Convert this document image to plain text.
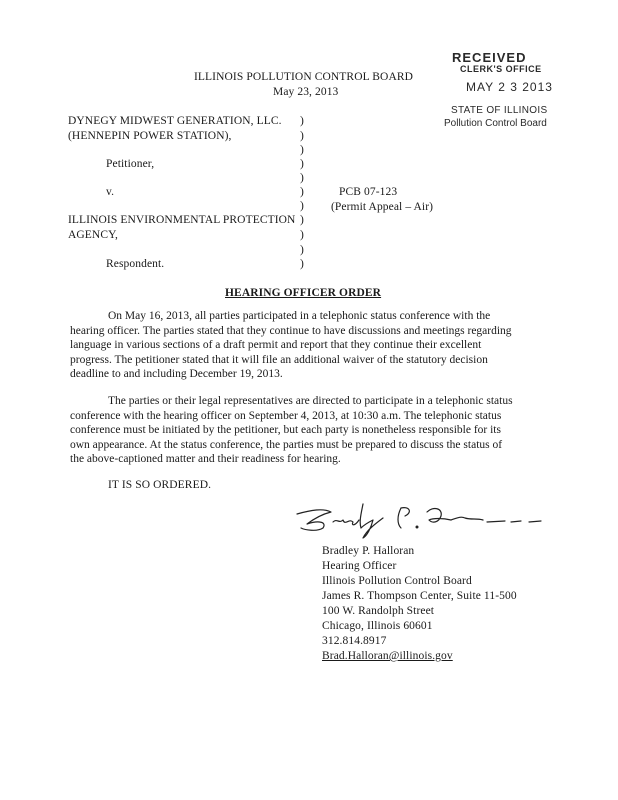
RECEIVED
CLERK'S OFFICE
MAY 2 3 2013
STATE OF ILLINOIS
Pollution Control Board
ILLINOIS POLLUTION CONTROL BOARD
May 23, 2013
DYNEGY MIDWEST GENERATION, LLC.
(HENNEPIN POWER STATION),
Petitioner,
v.
ILLINOIS ENVIRONMENTAL PROTECTION
AGENCY,
Respondent.
)
)
)
)
)
)
)
)
)
)
)
PCB 07-123
(Permit Appeal – Air)
HEARING OFFICER ORDER
On May 16, 2013, all parties participated in a telephonic status conference with the
hearing officer. The parties stated that they continue to have discussions and meetings regarding
language in various sections of a draft permit and report that they continue their excellent
progress. The petitioner stated that it will file an additional waiver of the statutory decision
deadline to and including December 19, 2013.
The parties or their legal representatives are directed to participate in a telephonic status
conference with the hearing officer on September 4, 2013, at 10:30 a.m. The telephonic status
conference must be initiated by the petitioner, but each party is nonetheless responsible for its
own appearance. At the status conference, the parties must be prepared to discuss the status of
the above-captioned matter and their readiness for hearing.
IT IS SO ORDERED.
Bradley P. Halloran
Hearing Officer
Illinois Pollution Control Board
James R. Thompson Center, Suite 11-500
100 W. Randolph Street
Chicago, Illinois 60601
312.814.8917
Brad.Halloran@illinois.gov
